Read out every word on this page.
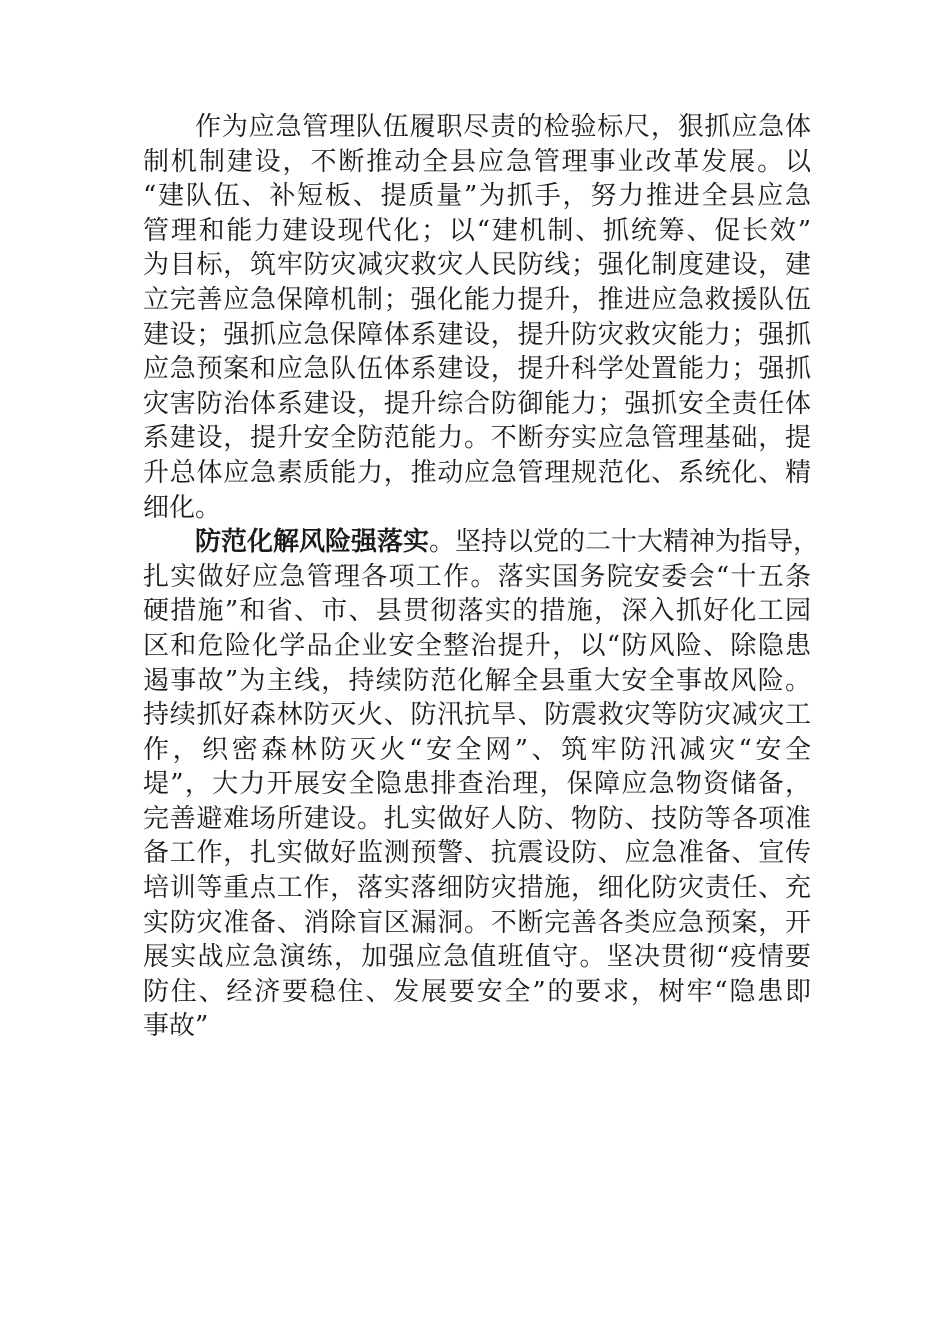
作为应急管理队伍履职尽责的检验标尺，狠抓应急体
制机制建设，不断推动全县应急管理事业改革发展。以
“建队伍、补短板、提质量”为抓手，努力推进全县应急
管理和能力建设现代化；以“建机制、抓统筹、促长效”
为目标，筑牢防灾减灾救灾人民防线；强化制度建设，建
立完善应急保障机制；强化能力提升，推进应急救援队伍
建设；强抓应急保障体系建设，提升防灾救灾能力；强抓
应急预案和应急队伍体系建设，提升科学处置能力；强抓
灾害防治体系建设，提升综合防御能力；强抓安全责任体
系建设，提升安全防范能力。不断夯实应急管理基础，提
升总体应急素质能力，推动应急管理规范化、系统化、精
细化。
防范化解风险强落实。坚持以党的二十大精神为指导，
扎实做好应急管理各项工作。落实国务院安委会“十五条
硬措施”和省、市、县贯彻落实的措施，深入抓好化工园
区和危险化学品企业安全整治提升，以“防风险、除隐患
遏事故”为主线，持续防范化解全县重大安全事故风险。
持续抓好森林防灭火、防汛抗旱、防震救灾等防灾减灾工
作，织密森林防灭火“安全网”、筑牢防汛减灾“安全
堤”，大力开展安全隐患排查治理，保障应急物资储备，
完善避难场所建设。扎实做好人防、物防、技防等各项准
备工作，扎实做好监测预警、抗震设防、应急准备、宣传
培训等重点工作，落实落细防灾措施，细化防灾责任、充
实防灾准备、消除盲区漏洞。不断完善各类应急预案，开
展实战应急演练，加强应急值班值守。坚决贯彻“疫情要
防住、经济要稳住、发展要安全”的要求，树牢“隐患即
事故”
